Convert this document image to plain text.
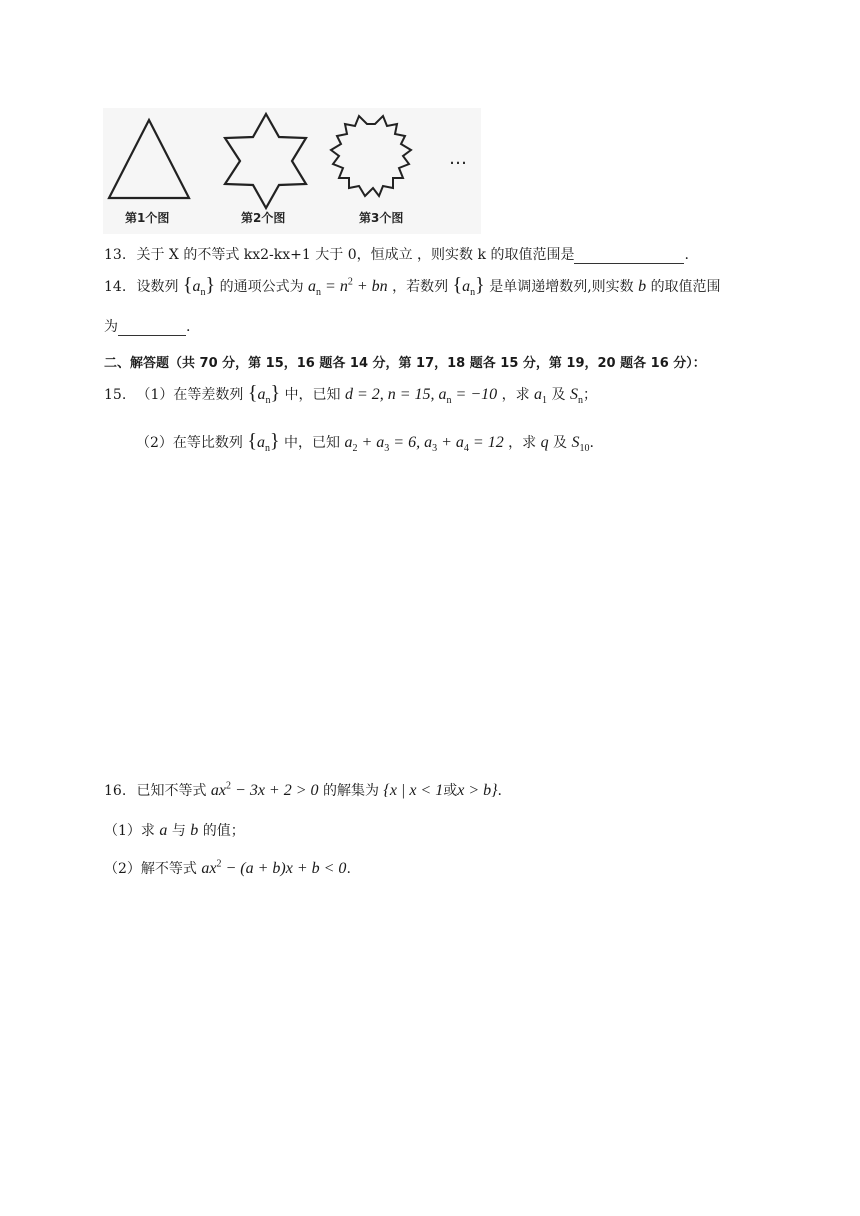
…
第1个图	第2个图	第3个图
13. 关于 X 的不等式 kx2-kx+1 大于 0，恒成立 ，则实数 k 的取值范围是	.
14. 设数列 $\{a_n\}$ 的通项公式为 $a_n = n^2$ + bn ，若数列 $\{a_n\}$ 是单调递增数列,则实数 b 的取值范围
为	.
二、解答题（共 70 分，第 15，16 题各 14 分，第 17，18 题各 15 分，第 19，20 题各 16 分）：
15. （1）在等差数列 $\{a_n\}$ 中，已知 d = 2, n = 15, $a_n = -10$ ，求 $a_1$ 及 $S_n$；
（2）在等比数列 $\{a_n\}$ 中，已知 $a_2 + a_3 = 6$, $a_3 + a_4 = 12$ ，求 q 及 $S_{10}$.
16. 已知不等式 $ax^2 - 3x + 2 > 0$ 的解集为 {x | x < 1或x > b}.
（1）求 a 与 b 的值；
（2）解不等式 $ax^2 - (a + b)x + b < 0$.
